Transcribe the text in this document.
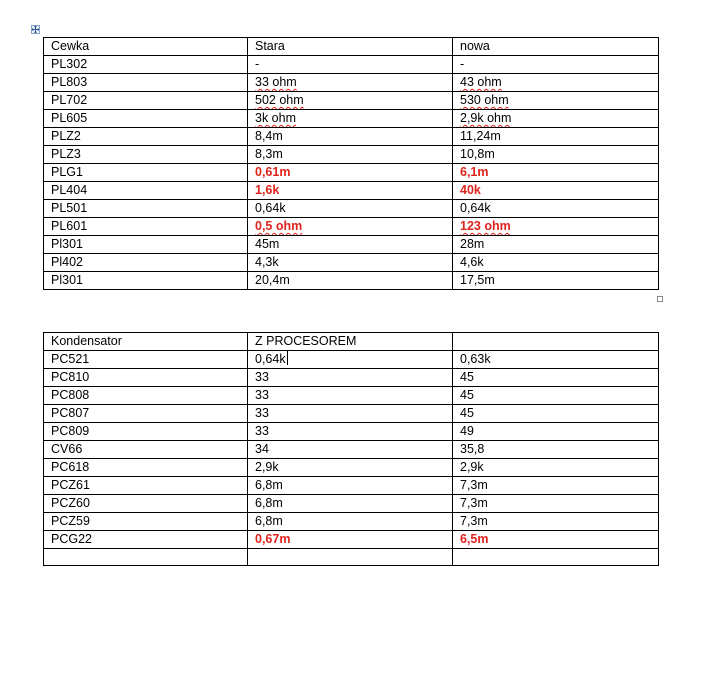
Cewka	Stara	nowa
PL302	-	-
PL803	33 ohm	43 ohm
PL702	502 ohm	530 ohm
PL605	3k ohm	2,9k ohm
PLZ2	8,4m	11,24m
PLZ3	8,3m	10,8m
PLG1	0,61m	6,1m
PL404	1,6k	40k
PL501	0,64k	0,64k
PL601	0,5 ohm	123 ohm
Pl301	45m	28m
Pl402	4,3k	4,6k
Pl301	20,4m	17,5m
Kondensator	Z PROCESOREM	
PC521	0,64k	0,63k
PC810	33	45
PC808	33	45
PC807	33	45
PC809	33	49
CV66	34	35,8
PC618	2,9k	2,9k
PCZ61	6,8m	7,3m
PCZ60	6,8m	7,3m
PCZ59	6,8m	7,3m
PCG22	0,67m	6,5m
